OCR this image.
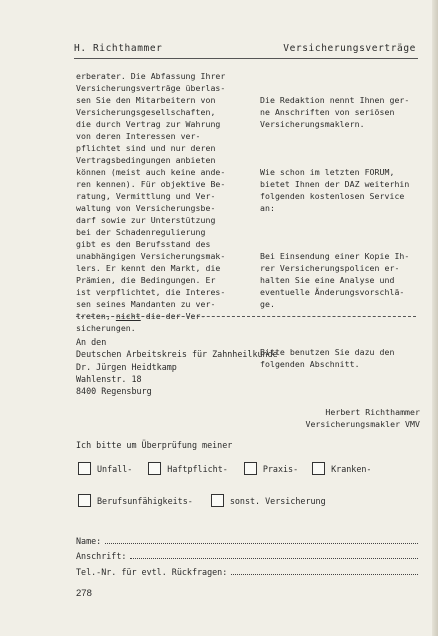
H. Richthammer	Versicherungsverträge
erberater. Die Abfassung Ihrer
Versicherungsverträge überlas-
sen Sie den Mitarbeitern von
Versicherungsgesellschaften,
die durch Vertrag zur Wahrung
von deren Interessen ver-
pflichtet sind und nur deren
Vertragsbedingungen anbieten
können (meist auch keine ande-
ren kennen). Für objektive Be-
ratung, Vermittlung und Ver-
waltung von Versicherungsbe-
darf sowie zur Unterstützung
bei der Schadenregulierung
gibt es den Berufsstand des
unabhängigen Versicherungsmak-
lers. Er kennt den Markt, die
Prämien, die Bedingungen. Er
ist verpflichtet, die Interes-
sen seines Mandanten zu ver-
treten, nicht die der Ver-
sicherungen.

Die Redaktion nennt Ihnen ger-
ne Anschriften von seriösen
Versicherungsmaklern.

Wie schon im letzten FORUM,
bietet Ihnen der DAZ weiterhin
folgenden kostenlosen Service
an:

Bei Einsendung einer Kopie Ih-
rer Versicherungspolicen er-
halten Sie eine Analyse und
eventuelle Änderungsvorschlä-
ge.

Bitte benutzen Sie dazu den
folgenden Abschnitt.

Herbert Richthammer
Versicherungsmakler VMV

An den
Deutschen Arbeitskreis für Zahnheilkunde
Dr. Jürgen Heidtkamp
Wahlenstr. 18
8400 Regensburg
Ich bitte um Überprüfung meiner
Unfall-	Haftpflicht-	Praxis-	Kranken-
Berufsunfähigkeits-	sonst. Versicherung
Name:
Anschrift:
Tel.-Nr. für evtl. Rückfragen:
278
